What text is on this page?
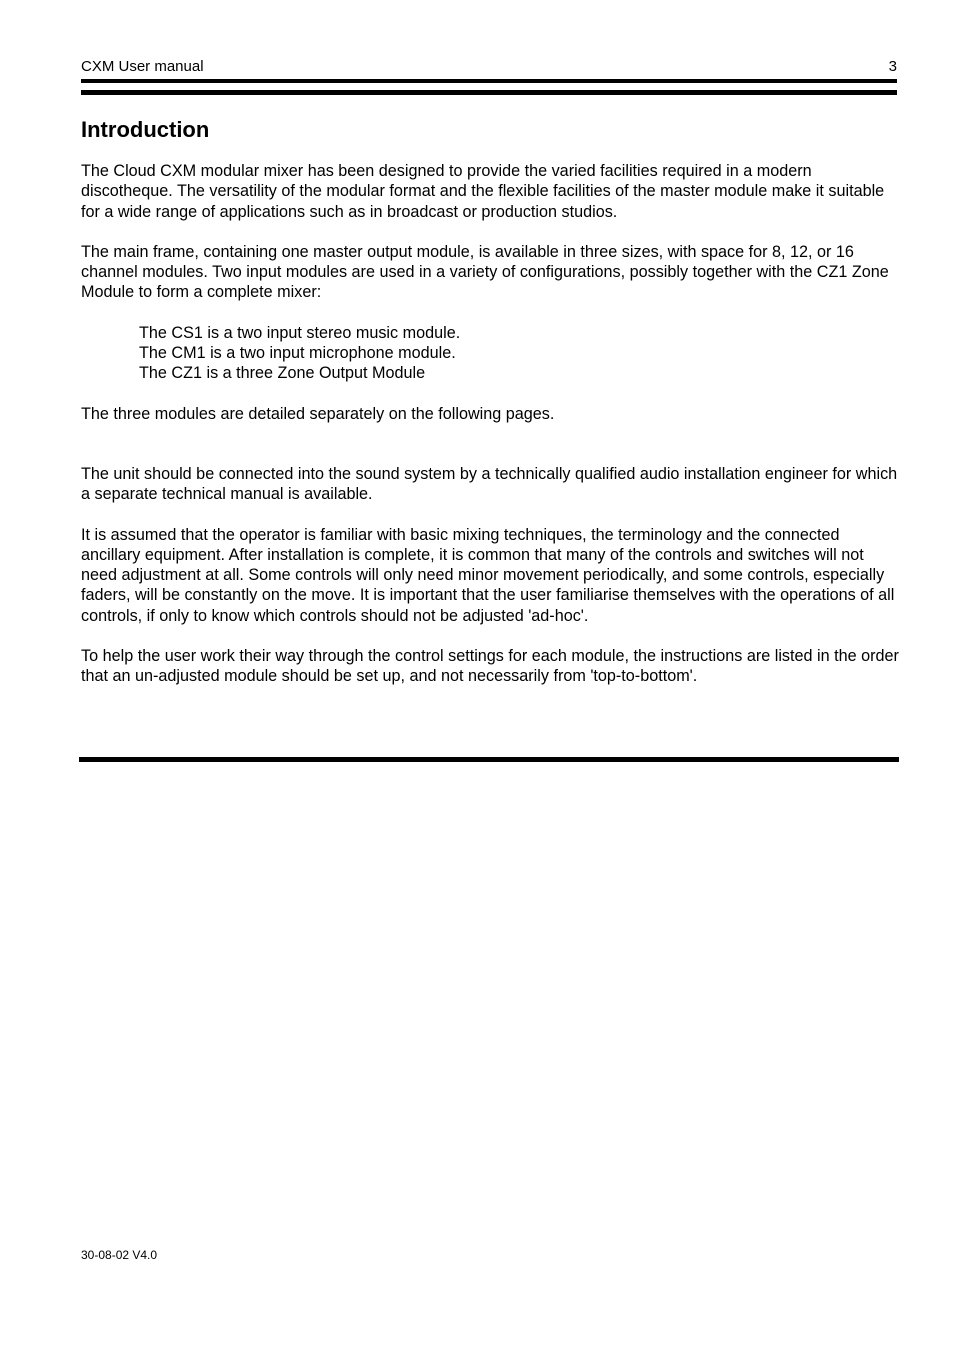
CXM User manual	3
Introduction

The Cloud CXM modular mixer has been designed to provide the varied facilities required in a modern discotheque. The versatility of the modular format and the flexible facilities of the master module make it suitable for a wide range of applications such as in broadcast or production studios.

The main frame, containing one master output module, is available in three sizes, with space for 8, 12, or 16 channel modules. Two input modules are used in a variety of configurations, possibly together with the CZ1 Zone Module to form a complete mixer:

The CS1 is a two input stereo music module.
The CM1 is a two input microphone module.
The CZ1 is a three Zone Output Module

The three modules are detailed separately on the following pages.

The unit should be connected into the sound system by a technically qualified audio installation engineer for which a separate technical manual is available.

It is assumed that the operator is familiar with basic mixing techniques, the terminology and the connected ancillary equipment. After installation is complete, it is common that many of the controls and switches will not need adjustment at all. Some controls will only need minor movement periodically, and some controls, especially faders, will be constantly on the move. It is important that the user familiarise themselves with the operations of all controls, if only to know which controls should not be adjusted 'ad-hoc'.

To help the user work their way through the control settings for each module, the instructions are listed in the order that an un-adjusted module should be set up, and not necessarily from 'top-to-bottom'.

30-08-02 V4.0
